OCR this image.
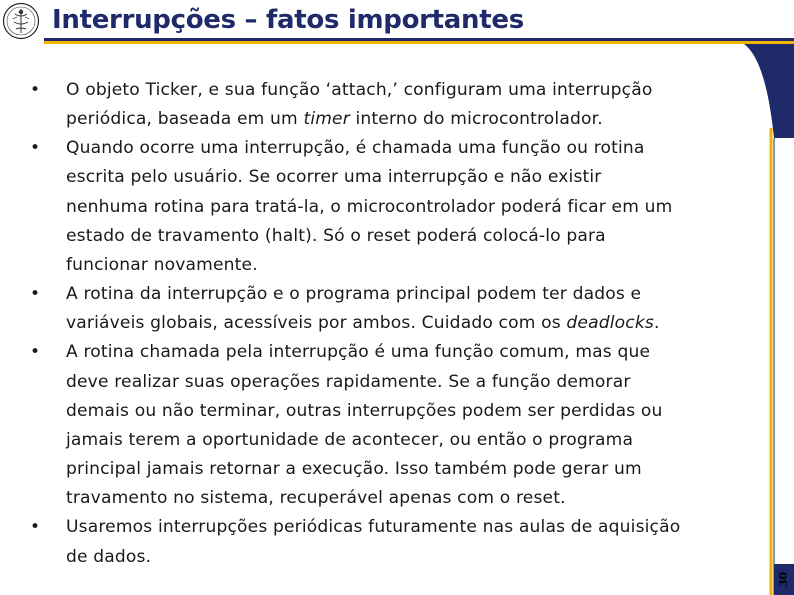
Interrupções – fatos importantes
30
• O objeto Ticker, e sua função ‘attach,’ configuram uma interrupção
periódica, baseada em um timer interno do microcontrolador.
• Quando ocorre uma interrupção, é chamada uma função ou rotina
escrita pelo usuário. Se ocorrer uma interrupção e não existir
nenhuma rotina para tratá-la, o microcontrolador poderá ficar em um
estado de travamento (halt). Só o reset poderá colocá-lo para
funcionar novamente.
• A rotina da interrupção e o programa principal podem ter dados e
variáveis globais, acessíveis por ambos. Cuidado com os deadlocks.
• A rotina chamada pela interrupção é uma função comum, mas que
deve realizar suas operações rapidamente. Se a função demorar
demais ou não terminar, outras interrupções podem ser perdidas ou
jamais terem a oportunidade de acontecer, ou então o programa
principal jamais retornar a execução. Isso também pode gerar um
travamento no sistema, recuperável apenas com o reset.
• Usaremos interrupções periódicas futuramente nas aulas de aquisição
de dados.
